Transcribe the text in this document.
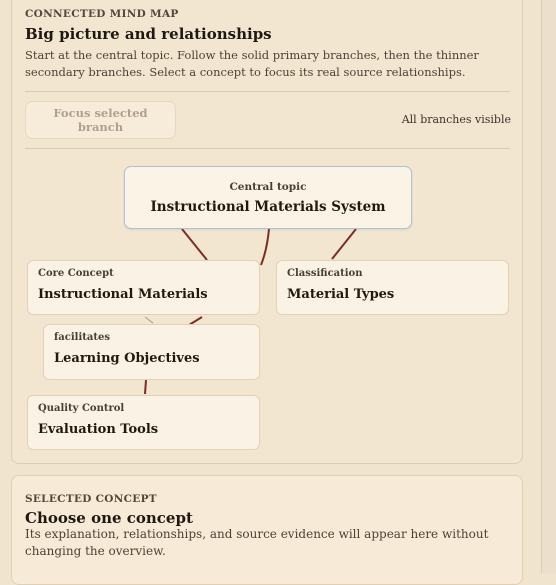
CONNECTED MIND MAP
Big picture and relationships
Start at the central topic. Follow the solid primary branches, then the thinner secondary branches. Select a concept to focus its real source relationships.
Focus selected branch
All branches visible
Central topic
Instructional Materials System
Core Concept
Instructional Materials
Classification
Material Types
facilitates
Learning Objectives
Quality Control
Evaluation Tools
SELECTED CONCEPT
Choose one concept
Its explanation, relationships, and source evidence will appear here without changing the overview.
